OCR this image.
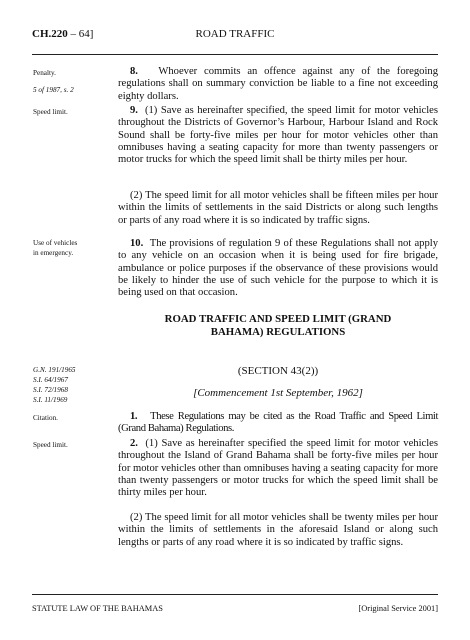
CH.220 – 64]	ROAD TRAFFIC
Penalty.
5 of 1987, s. 2
Speed limit.
Use of vehicles
in emergency.
G.N. 191/1965
S.I. 64/1967
S.I. 72/1968
S.I. 11/1969
Citation.
Speed limit.
8. Whoever commits an offence against any of the foregoing regulations shall on summary conviction be liable to a fine not exceeding eighty dollars.
9. (1) Save as hereinafter specified, the speed limit for motor vehicles throughout the Districts of Governor’s Harbour, Harbour Island and Rock Sound shall be forty-five miles per hour for motor vehicles other than omnibuses having a seating capacity for more than twenty passengers or motor trucks for which the speed limit shall be thirty miles per hour.
(2) The speed limit for all motor vehicles shall be fifteen miles per hour within the limits of settlements in the said Districts or along such lengths or parts of any road where it is so indicated by traffic signs.
10. The provisions of regulation 9 of these Regulations shall not apply to any vehicle on an occasion when it is being used for fire brigade, ambulance or police purposes if the observance of these provisions would be likely to hinder the use of such vehicle for the purpose to which it is being used on that occasion.
ROAD TRAFFIC AND SPEED LIMIT (GRAND
BAHAMA) REGULATIONS
(SECTION 43(2))
[Commencement 1st September, 1962]
1. These Regulations may be cited as the Road Traffic and Speed Limit (Grand Bahama) Regulations.
2. (1) Save as hereinafter specified the speed limit for motor vehicles throughout the Island of Grand Bahama shall be forty-five miles per hour for motor vehicles other than omnibuses having a seating capacity for more than twenty passengers or motor trucks for which the speed limit shall be thirty miles per hour.
(2) The speed limit for all motor vehicles shall be twenty miles per hour within the limits of settlements in the aforesaid Island or along such lengths or parts of any road where it is so indicated by traffic signs.
STATUTE LAW OF THE BAHAMAS	[Original Service 2001]
